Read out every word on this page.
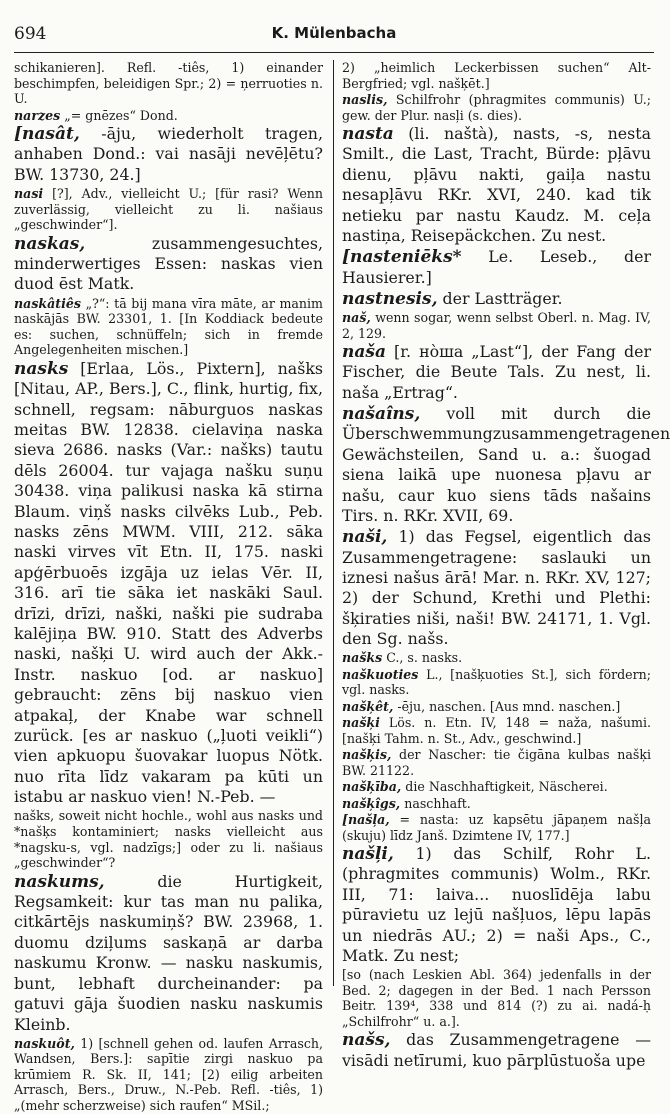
694	K. Mülenbacha

schikanieren]. Refl. -tiês, 1) einander beschimpfen, beleidigen Spr.; 2) = ņerruoties n. U.

narzes „= gnēzes“ Dond.

[nasât, -āju, wiederholt tragen, anhaben Dond.: vai nasāji nevēļētu? BW. 13730, 24.]

nasi [?], Adv., vielleicht U.; [für rasi? Wenn zuverlässig, vielleicht zu li. našiaus „geschwinder“].

naskas, zusammengesuchtes, minderwertiges Essen: naskas vien duod ēst Matk.

naskâtiês „?“: tā bij mana vīra māte, ar manim naskājās BW. 23301, 1. [In Koddiack bedeute es: suchen, schnüffeln; sich in fremde Angelegenheiten mischen.]

nasks [Erlaa, Lös., Pixtern], našks [Nitau, AP., Bers.], C., flink, hurtig, fix, schnell, regsam: nāburguos naskas meitas BW. 12838. cielaviņa naska sieva 2686. nasks (Var.: našks) tautu dēls 26004. tur vajaga našku suņu 30438. viņa palikusi naska kā stirna Blaum. viņš nasks cilvēks Lub., Peb. nasks zēns MWM. VIII, 212. sāka naski virves vīt Etn. II, 175. naski apģērbuoēs izgāja uz ielas Vēr. II, 316. arī tie sāka iet naskāki Saul. drīzi, drīzi, naški, naški pie sudraba kalējiņa BW. 910. Statt des Adverbs naski, našķi U. wird auch der Akk.-Instr. naskuo [od. ar naskuo] gebraucht: zēns bij naskuo vien atpakaļ, der Knabe war schnell zurück. [es ar naskuo („ļuoti veikli“) vien apkuopu šuovakar luopus Nötk. nuo rīta līdz vakaram pa kūti un istabu ar naskuo vien! N.-Peb. —

našks, soweit nicht hochle., wohl aus nasks und *našķs kontaminiert; nasks vielleicht aus *nagsku-s, vgl. nadzīgs;] oder zu li. našiaus „geschwinder“?

naskums, die Hurtigkeit, Regsamkeit: kur tas man nu palika, citkārtējs naskumiņš? BW. 23968, 1. duomu dziļums saskaņā ar darba naskumu Kronw. — nasku naskumis, bunt, lebhaft durcheinander: pa gatuvi gāja šuodien nasku naskumis Kleinb.

naskuôt, 1) [schnell gehen od. laufen Arrasch, Wandsen, Bers.]: sapītie zirgi naskuo pa krūmiem R. Sk. II, 141; [2) eilig arbeiten Arrasch, Bers., Druw., N.-Peb. Refl. -tiês, 1) „(mehr scherzweise) sich raufen“ MSil.;

2) „heimlich Leckerbissen suchen“ Alt-Bergfried; vgl. našķēt.]

naslis, Schilfrohr (phragmites communis) U.; gew. der Plur. nasļi (s. dies).

nasta (li. naštà), nasts, -s, nesta Smilt., die Last, Tracht, Bürde: pļāvu dienu, pļāvu nakti, gaiļa nastu nesapļāvu RKr. XVI, 240. kad tik netieku par nastu Kaudz. M. ceļa nastiņa, Reisepäckchen. Zu nest.

[nasteniēks* Le. Leseb., der Hausierer.]

nastnesis, der Lastträger.

naš, wenn sogar, wenn selbst Oberl. n. Mag. IV, 2, 129.

naša [r. нòша „Last“], der Fang der Fischer, die Beute Tals. Zu nest, li. naša „Ertrag“.

našaîns, voll mit durch die Überschwemmungzusammengetragenen Gewächsteilen, Sand u. a.: šuogad siena laikā upe nuonesa pļavu ar našu, caur kuo siens tāds našains Tirs. n. RKr. XVII, 69.

naši, 1) das Fegsel, eigentlich das Zusammengetragene: saslauki un iznesi našus ārā! Mar. n. RKr. XV, 127; 2) der Schund, Krethi und Plethi: šķiraties niši, naši! BW. 24171, 1. Vgl. den Sg. našs.

našks C., s. nasks.

naškuoties L., [našķuoties St.], sich fördern; vgl. nasks.

našķêt, -ēju, naschen. [Aus mnd. naschen.]

našķi Lös. n. Etn. IV, 148 = naža, našumi. [našķi Tahm. n. St., Adv., geschwind.]

našķis, der Nascher: tie čigāna kulbas našķi BW. 21122.

našķība, die Naschhaftigkeit, Näscherei.

našķîgs, naschhaft.

[našļa, = nasta: uz kapsētu jāpaņem našļa (skuju) līdz Janš. Dzimtene IV, 177.]

našļi, 1) das Schilf, Rohr L. (phragmites communis) Wolm., RKr. III, 71: laiva... nuoslīdēja labu pūravietu uz lejū našļuos, lēpu lapās un niedrās AU.; 2) = naši Aps., C., Matk. Zu nest;

[so (nach Leskien Abl. 364) jedenfalls in der Bed. 2; dagegen in der Bed. 1 nach Persson Beitr. 139⁴, 338 und 814 (?) zu ai. nadá-ḥ „Schilfrohr“ u. a.].

našs, das Zusammengetragene — visādi netīrumi, kuo pārplūstuoša upe
